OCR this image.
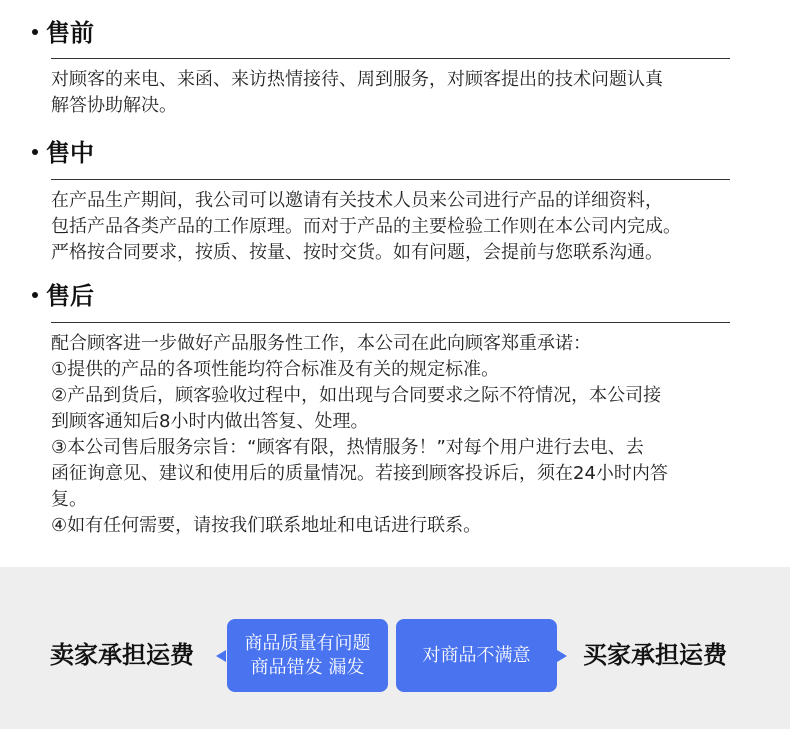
售前
对顾客的来电、来函、来访热情接待、周到服务，对顾客提出的技术问题认真
解答协助解决。
售中
在产品生产期间，我公司可以邀请有关技术人员来公司进行产品的详细资料，
包括产品各类产品的工作原理。而对于产品的主要检验工作则在本公司内完成。
严格按合同要求，按质、按量、按时交货。如有问题，会提前与您联系沟通。
售后
配合顾客进一步做好产品服务性工作，本公司在此向顾客郑重承诺：
①提供的产品的各项性能均符合标准及有关的规定标准。
②产品到货后，顾客验收过程中，如出现与合同要求之际不符情况，本公司接
到顾客通知后8小时内做出答复、处理。
③本公司售后服务宗旨：“顾客有限，热情服务！”对每个用户进行去电、去
函征询意见、建议和使用后的质量情况。若接到顾客投诉后，须在24小时内答
复。
④如有任何需要，请按我们联系地址和电话进行联系。
卖家承担运费	商品质量有问题
商品错发 漏发
对商品不满意 买家承担运费
